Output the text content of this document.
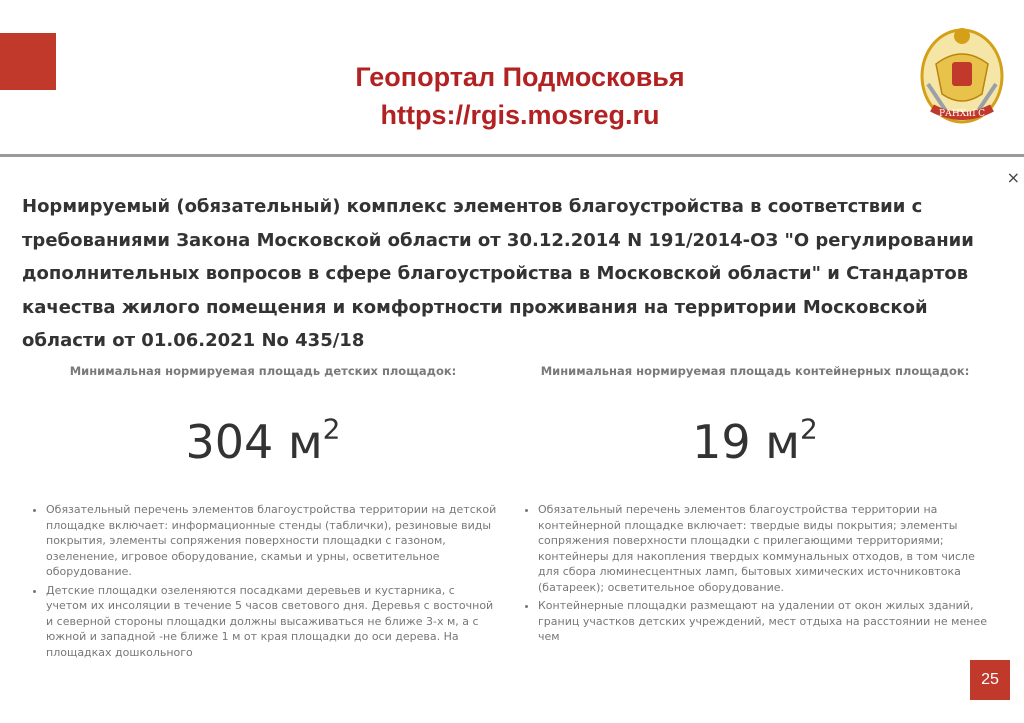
Геопортал Подмосковья
https://rgis.mosreg.ru	РАНХиГС
×
Нормируемый (обязательный) комплекс элементов благоустройства в соответствии с требованиями Закона Московской области от 30.12.2014 N 191/2014-ОЗ "О регулировании дополнительных вопросов в сфере благоустройства в Московской области" и Стандартов качества жилого помещения и комфортности проживания на территории Московской области от 01.06.2021 No 435/18
Минимальная нормируемая площадь детских площадок:
304 $м^2$
• Обязательный перечень элементов благоустройства территории на детской площадке включает: информационные стенды (таблички), резиновые виды покрытия, элементы сопряжения поверхности площадки с газоном, озеленение, игровое оборудование, скамьи и урны, осветительное оборудование.
• Детские площадки озеленяются посадками деревьев и кустарника, с учетом их инсоляции в течение 5 часов светового дня. Деревья с восточной и северной стороны площадки должны высаживаться не ближе 3-х м, а с южной и западной -не ближе 1 м от края площадки до оси дерева. На площадках дошкольного
Минимальная нормируемая площадь контейнерных площадок:
19 $м^2$
• Обязательный перечень элементов благоустройства территории на контейнерной площадке включает: твердые виды покрытия; элементы сопряжения поверхности площадки с прилегающими территориями; контейнеры для накопления твердых коммунальных отходов, в том числе для сбора люминесцентных ламп, бытовых химических источниковтока (батареек); осветительное оборудование.
• Контейнерные площадки размещают на удалении от окон жилых зданий, границ участков детских учреждений, мест отдыха на расстоянии не менее чем
25
